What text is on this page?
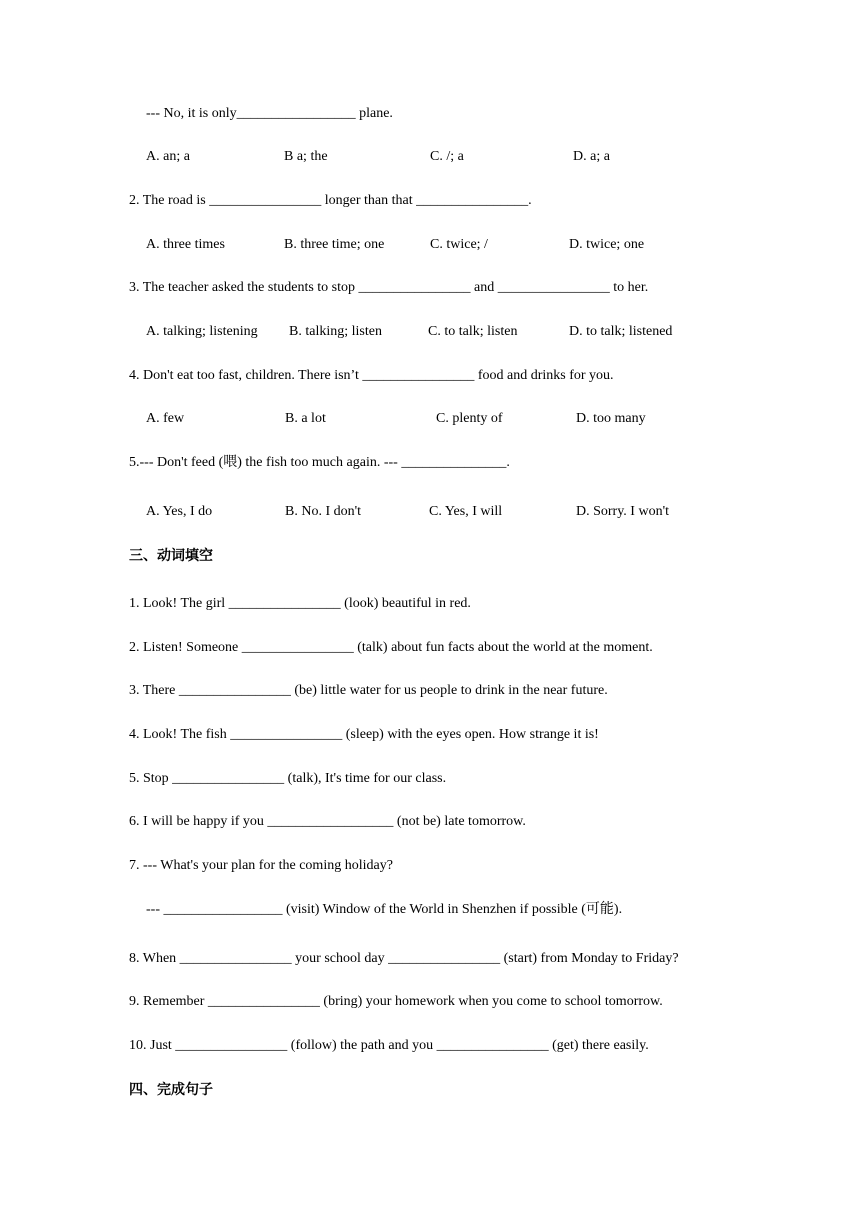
--- No, it is only_________________ plane.
A. an; a	B a; the	C. /; a	D. a; a
2. The road is ________________ longer than that ________________.
A. three times	B. three time; one	C. twice; /	D. twice; one
3. The teacher asked the students to stop ________________ and ________________ to her.
A. talking; listening B. talking; listen	C. to talk; listen	D. to talk; listened
4. Don't eat too fast, children. There isn’t ________________ food and drinks for you.
A. few	B. a lot	C. plenty of	D. too many
5.--- Don't feed (喂) the fish too much again. --- _______________.
A. Yes, I do	B. No. I don't	C. Yes, I will	D. Sorry. I won't
三、动词填空
1. Look! The girl ________________ (look) beautiful in red.
2. Listen! Someone ________________ (talk) about fun facts about the world at the moment.
3. There ________________ (be) little water for us people to drink in the near future.
4. Look! The fish ________________ (sleep) with the eyes open. How strange it is!
5. Stop ________________ (talk), It's time for our class.
6. I will be happy if you __________________ (not be) late tomorrow.
7. --- What's your plan for the coming holiday?
--- _________________ (visit) Window of the World in Shenzhen if possible (可能).
8. When ________________ your school day ________________ (start) from Monday to Friday?
9. Remember ________________ (bring) your homework when you come to school tomorrow.
10. Just ________________ (follow) the path and you ________________ (get) there easily.
四、完成句子
